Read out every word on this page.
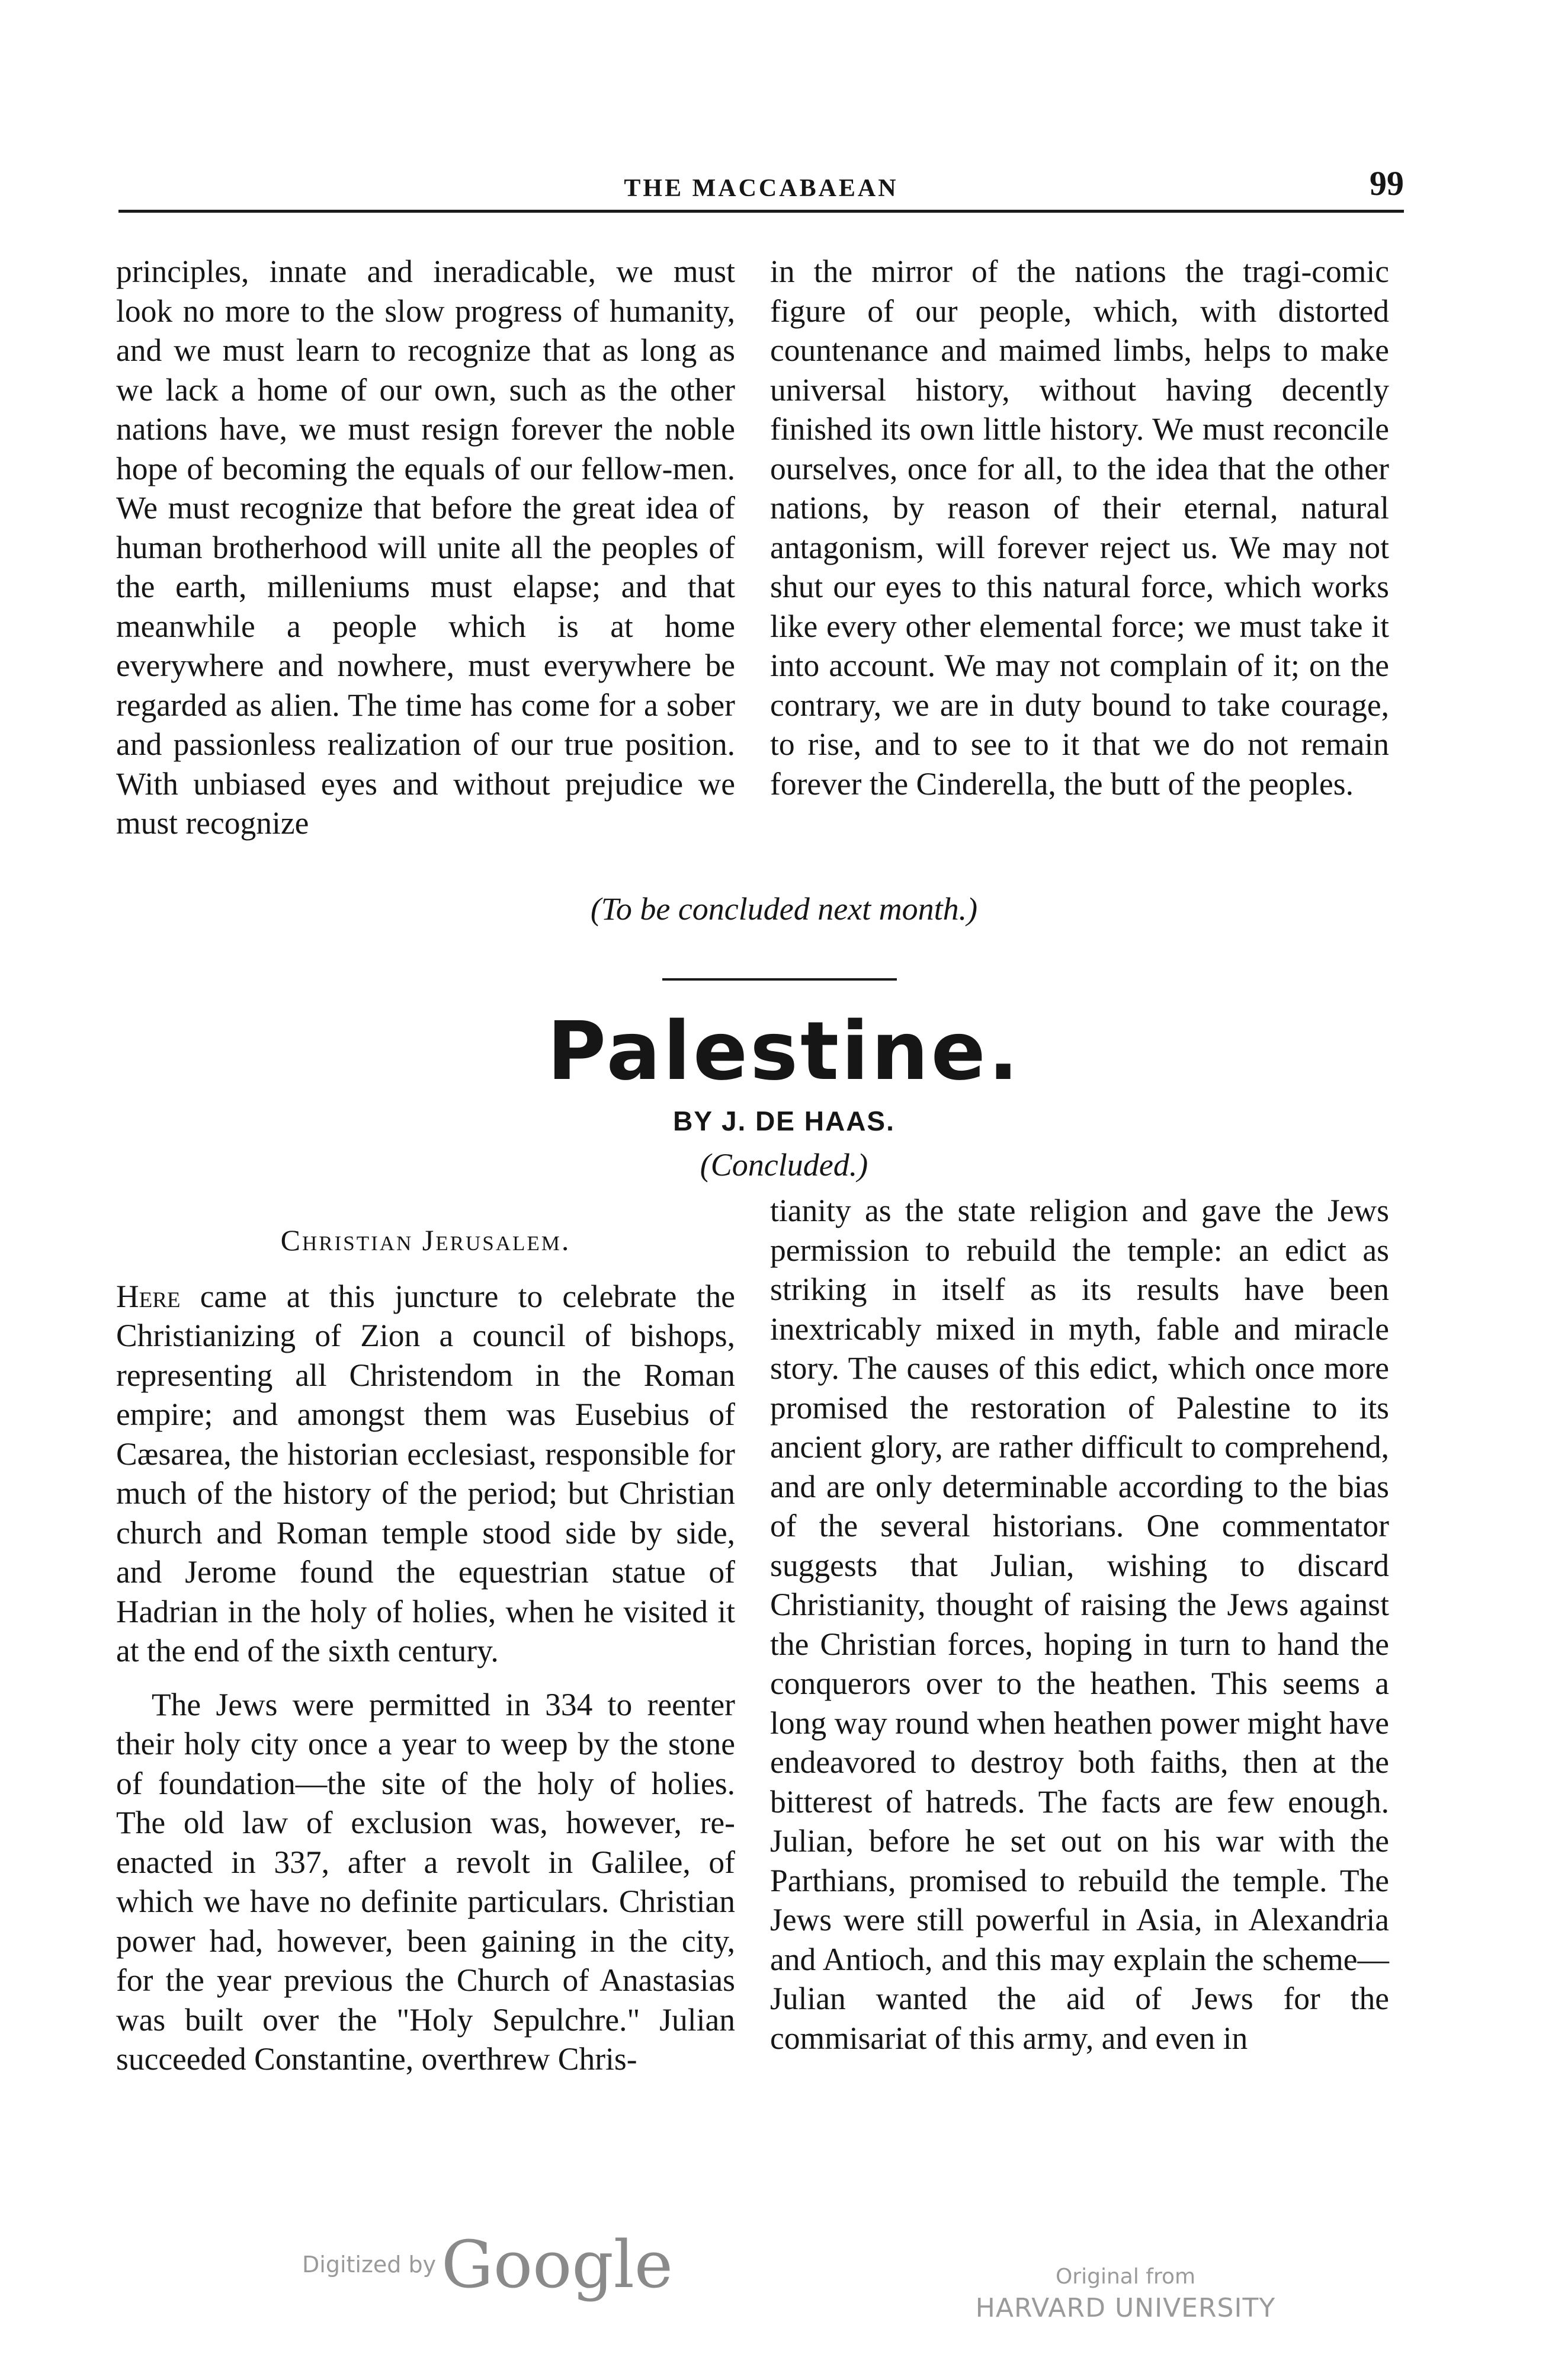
THE MACCABAEAN	99

principles, innate and ineradicable, we must look no more to the slow progress of humanity, and we must learn to recognize that as long as we lack a home of our own, such as the other nations have, we must resign forever the noble hope of becoming the equals of our fellow-men. We must recognize that before the great idea of human brotherhood will unite all the peoples of the earth, milleniums must elapse; and that meanwhile a people which is at home everywhere and nowhere, must everywhere be regarded as alien. The time has come for a sober and passionless realization of our true position. With unbiased eyes and without prejudice we must recognize

in the mirror of the nations the tragi-comic figure of our people, which, with distorted countenance and maimed limbs, helps to make universal history, without having decently finished its own little history. We must reconcile ourselves, once for all, to the idea that the other nations, by reason of their eternal, natural antagonism, will forever reject us. We may not shut our eyes to this natural force, which works like every other elemental force; we must take it into account. We may not complain of it; on the contrary, we are in duty bound to take courage, to rise, and to see to it that we do not remain forever the Cinderella, the butt of the peoples.

(To be concluded next month.)
Palestine.
BY J. DE HAAS.
(Concluded.)

Christian Jerusalem.

Here came at this juncture to celebrate the Christianizing of Zion a council of bishops, representing all Christendom in the Roman empire; and amongst them was Eusebius of Cæsarea, the historian ecclesiast, responsible for much of the history of the period; but Christian church and Roman temple stood side by side, and Jerome found the equestrian statue of Hadrian in the holy of holies, when he visited it at the end of the sixth century.

The Jews were permitted in 334 to reenter their holy city once a year to weep by the stone of foundation—the site of the holy of holies. The old law of exclusion was, however, re-enacted in 337, after a revolt in Galilee, of which we have no definite particulars. Christian power had, however, been gaining in the city, for the year previous the Church of Anastasias was built over the "Holy Sepulchre." Julian succeeded Constantine, overthrew Chris-

tianity as the state religion and gave the Jews permission to rebuild the temple: an edict as striking in itself as its results have been inextricably mixed in myth, fable and miracle story. The causes of this edict, which once more promised the restoration of Palestine to its ancient glory, are rather difficult to comprehend, and are only determinable according to the bias of the several historians. One commentator suggests that Julian, wishing to discard Christianity, thought of raising the Jews against the Christian forces, hoping in turn to hand the conquerors over to the heathen. This seems a long way round when heathen power might have endeavored to destroy both faiths, then at the bitterest of hatreds. The facts are few enough. Julian, before he set out on his war with the Parthians, promised to rebuild the temple. The Jews were still powerful in Asia, in Alexandria and Antioch, and this may explain the scheme—Julian wanted the aid of Jews for the commisariat of this army, and even in

Digitized by Google	Original from
HARVARD UNIVERSITY
